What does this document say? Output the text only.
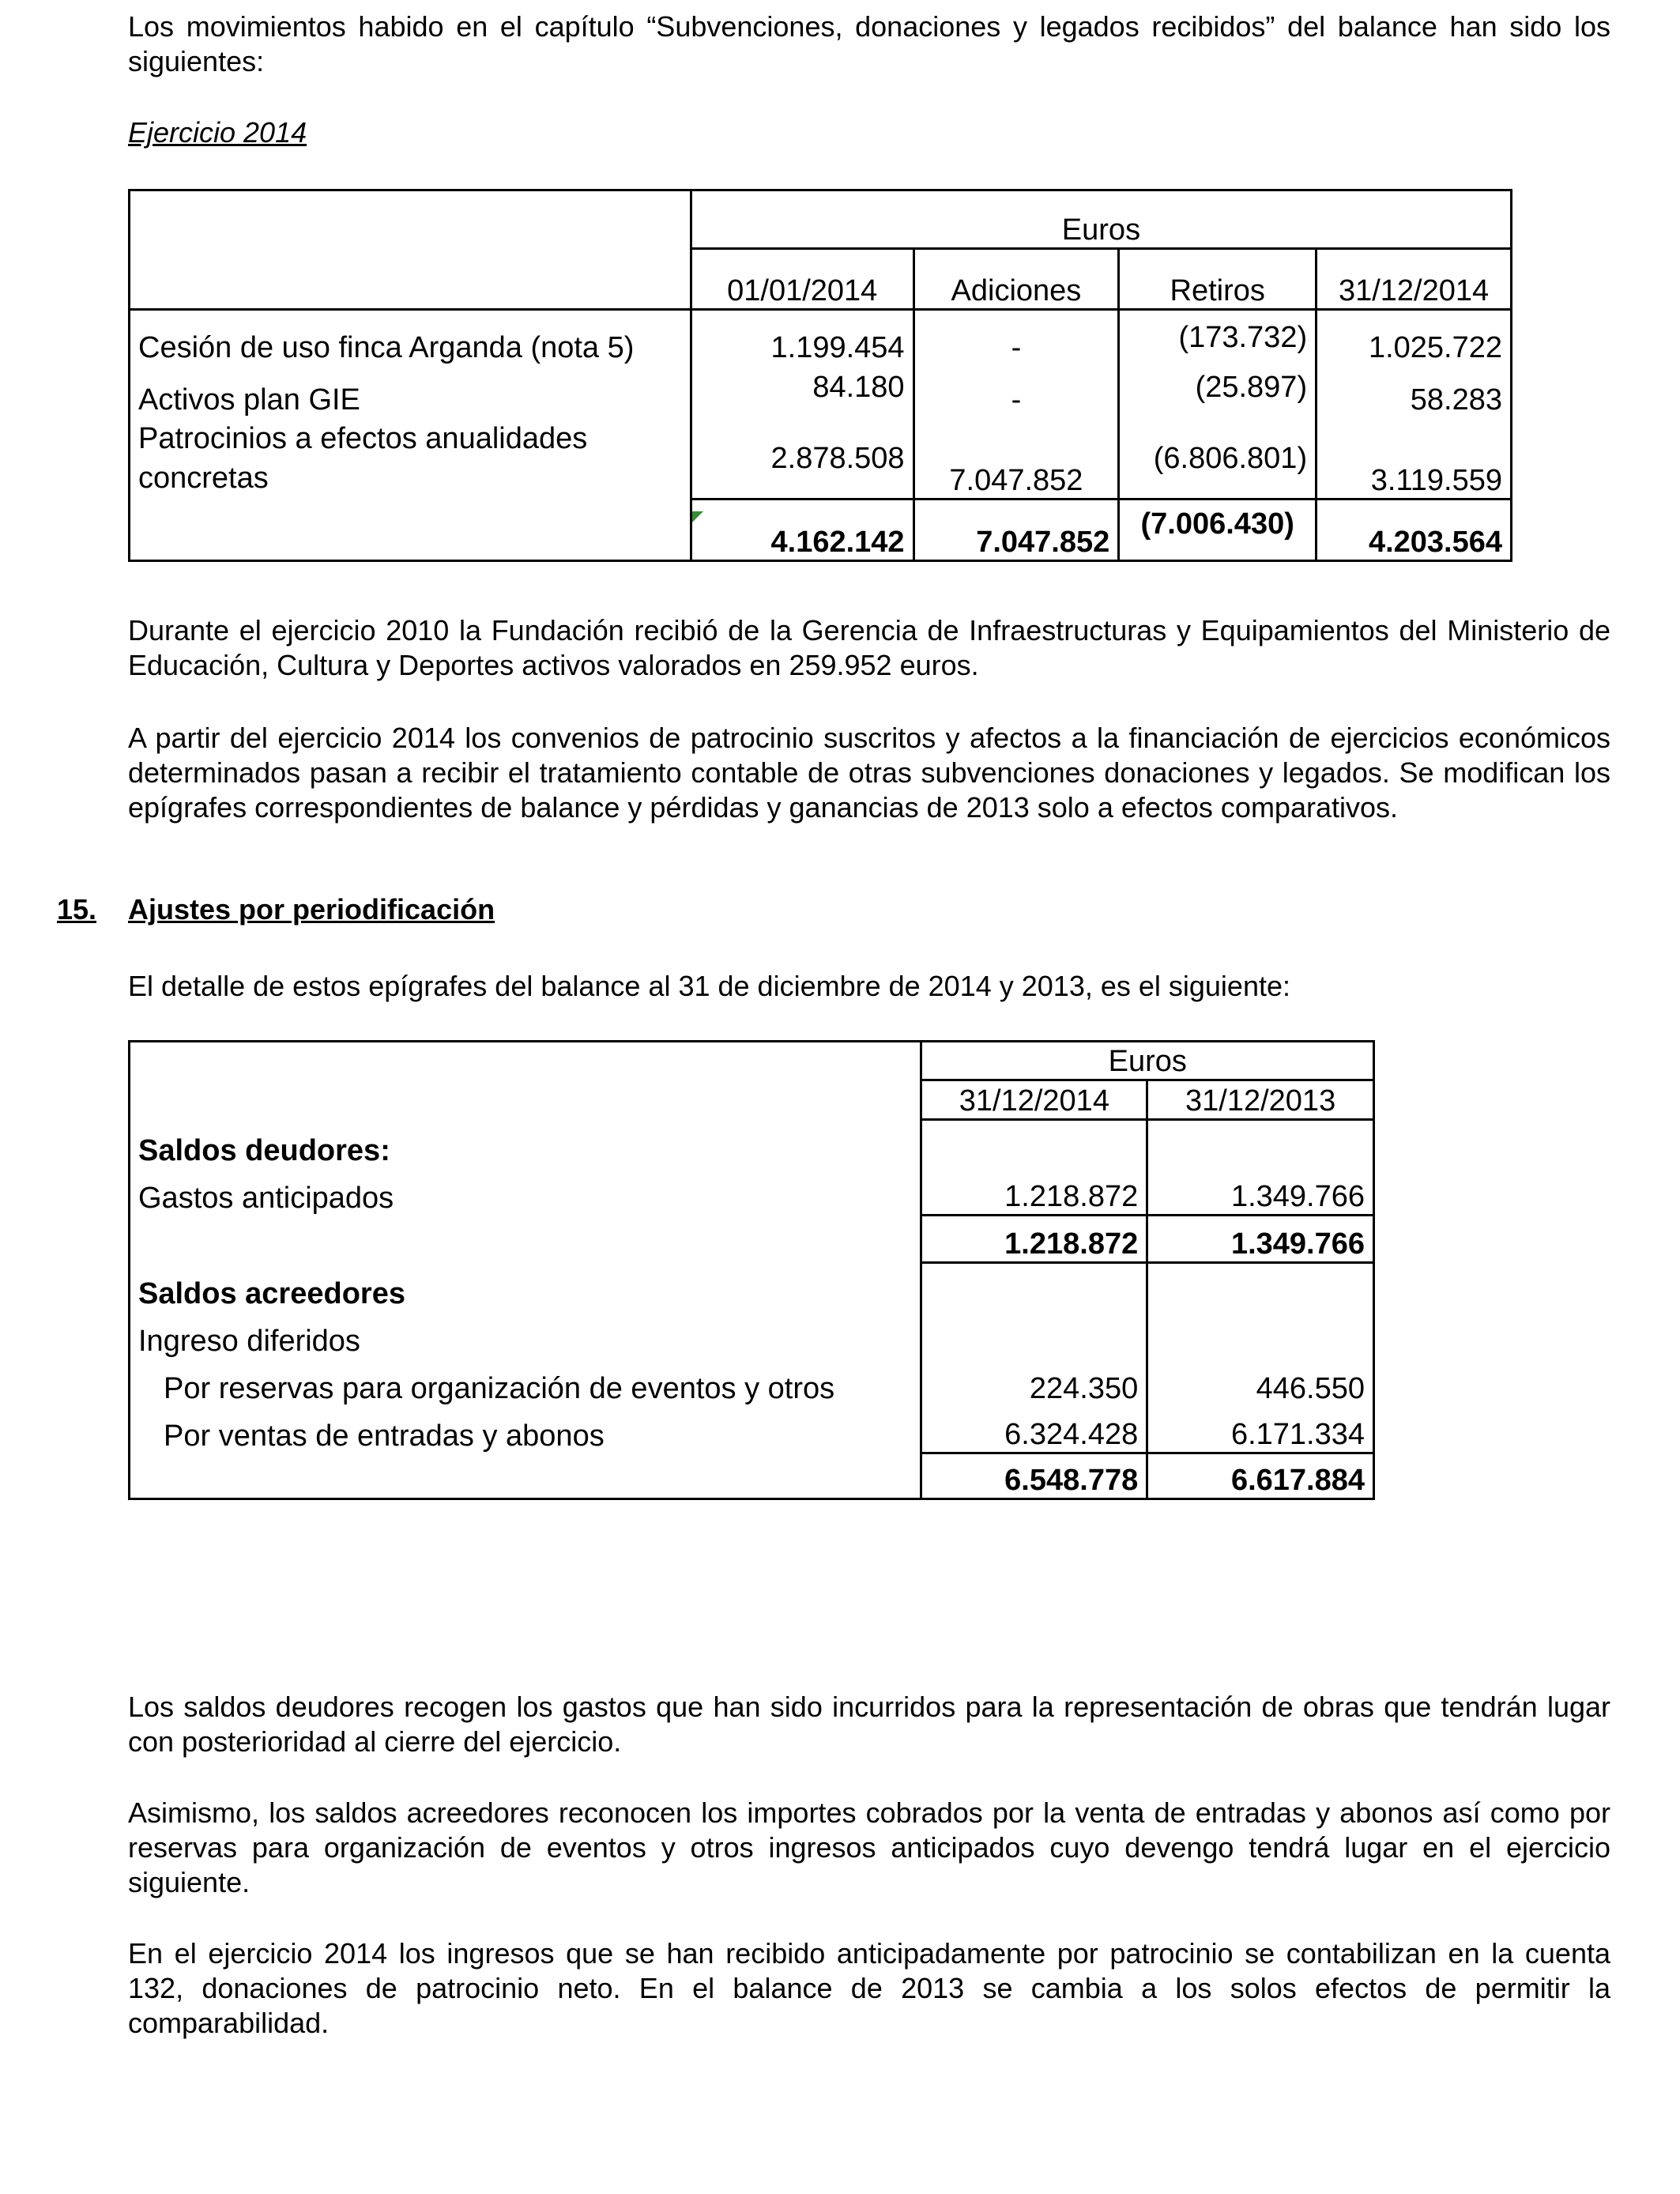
Los movimientos habido en el capítulo “Subvenciones, donaciones y legados recibidos” del balance han sido los siguientes:

Ejercicio 2014

	Euros			
	01/01/2014	Adiciones	Retiros	31/12/2014
Cesión de uso finca Arganda (nota 5)	1.199.454	-	(173.732)	1.025.722
Activos plan GIE	84.180	-	(25.897)	58.283
Patrocinios a efectos anualidades concretas	2.878.508	7.047.852	(6.806.801)	3.119.559
	4.162.142	7.047.852	(7.006.430)	4.203.564

Durante el ejercicio 2010 la Fundación recibió de la Gerencia de Infraestructuras y Equipamientos del Ministerio de Educación, Cultura y Deportes activos valorados en 259.952 euros.

A partir del ejercicio 2014 los convenios de patrocinio suscritos y afectos a la financiación de ejercicios económicos determinados pasan a recibir el tratamiento contable de otras subvenciones donaciones y legados. Se modifican los epígrafes correspondientes de balance y pérdidas y ganancias de 2013 solo a efectos comparativos.

15. Ajustes por periodificación

El detalle de estos epígrafes del balance al 31 de diciembre de 2014 y 2013, es el siguiente:

	Euros	
	31/12/2014	31/12/2013
Saldos deudores:		
Gastos anticipados	1.218.872	1.349.766
	1.218.872	1.349.766
Saldos acreedores		
Ingreso diferidos		
Por reservas para organización de eventos y otros	224.350	446.550
Por ventas de entradas y abonos	6.324.428	6.171.334
	6.548.778	6.617.884

Los saldos deudores recogen los gastos que han sido incurridos para la representación de obras que tendrán lugar con posterioridad al cierre del ejercicio.

Asimismo, los saldos acreedores reconocen los importes cobrados por la venta de entradas y abonos así como por reservas para organización de eventos y otros ingresos anticipados cuyo devengo tendrá lugar en el ejercicio siguiente.

En el ejercicio 2014 los ingresos que se han recibido anticipadamente por patrocinio se contabilizan en la cuenta 132, donaciones de patrocinio neto. En el balance de 2013 se cambia a los solos efectos de permitir la comparabilidad.
